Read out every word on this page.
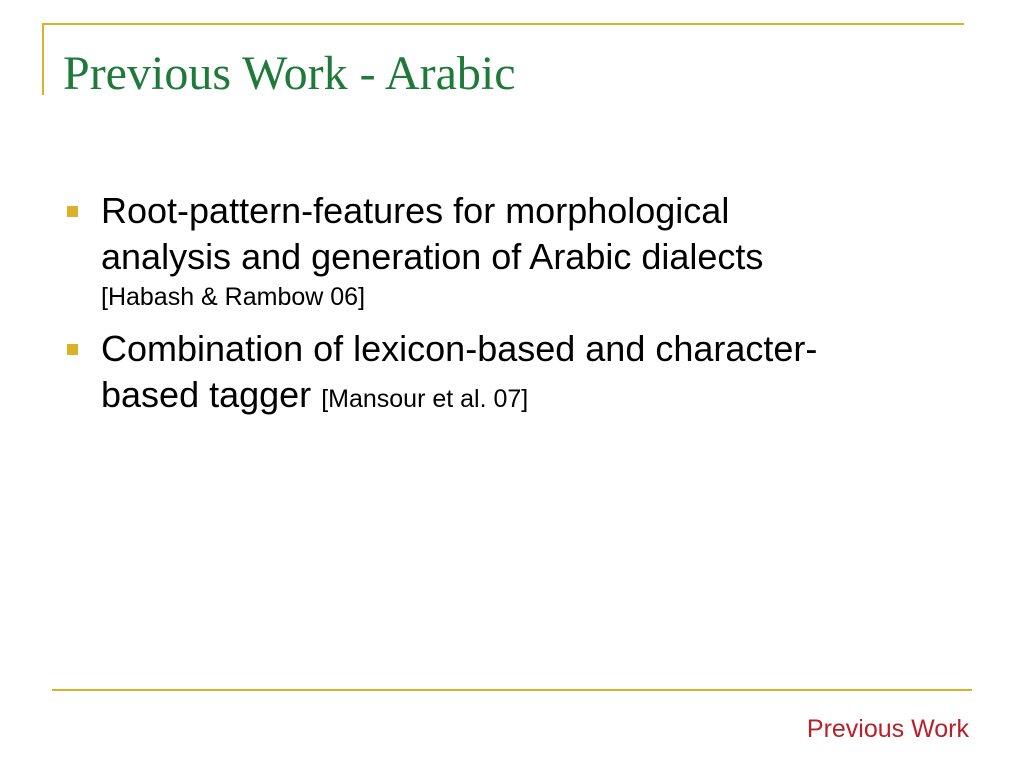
Previous Work - Arabic
Root-pattern-features for morphological
analysis and generation of Arabic dialects
[Habash & Rambow 06]
Combination of lexicon-based and character-
based tagger [Mansour et al. 07]
Previous Work
